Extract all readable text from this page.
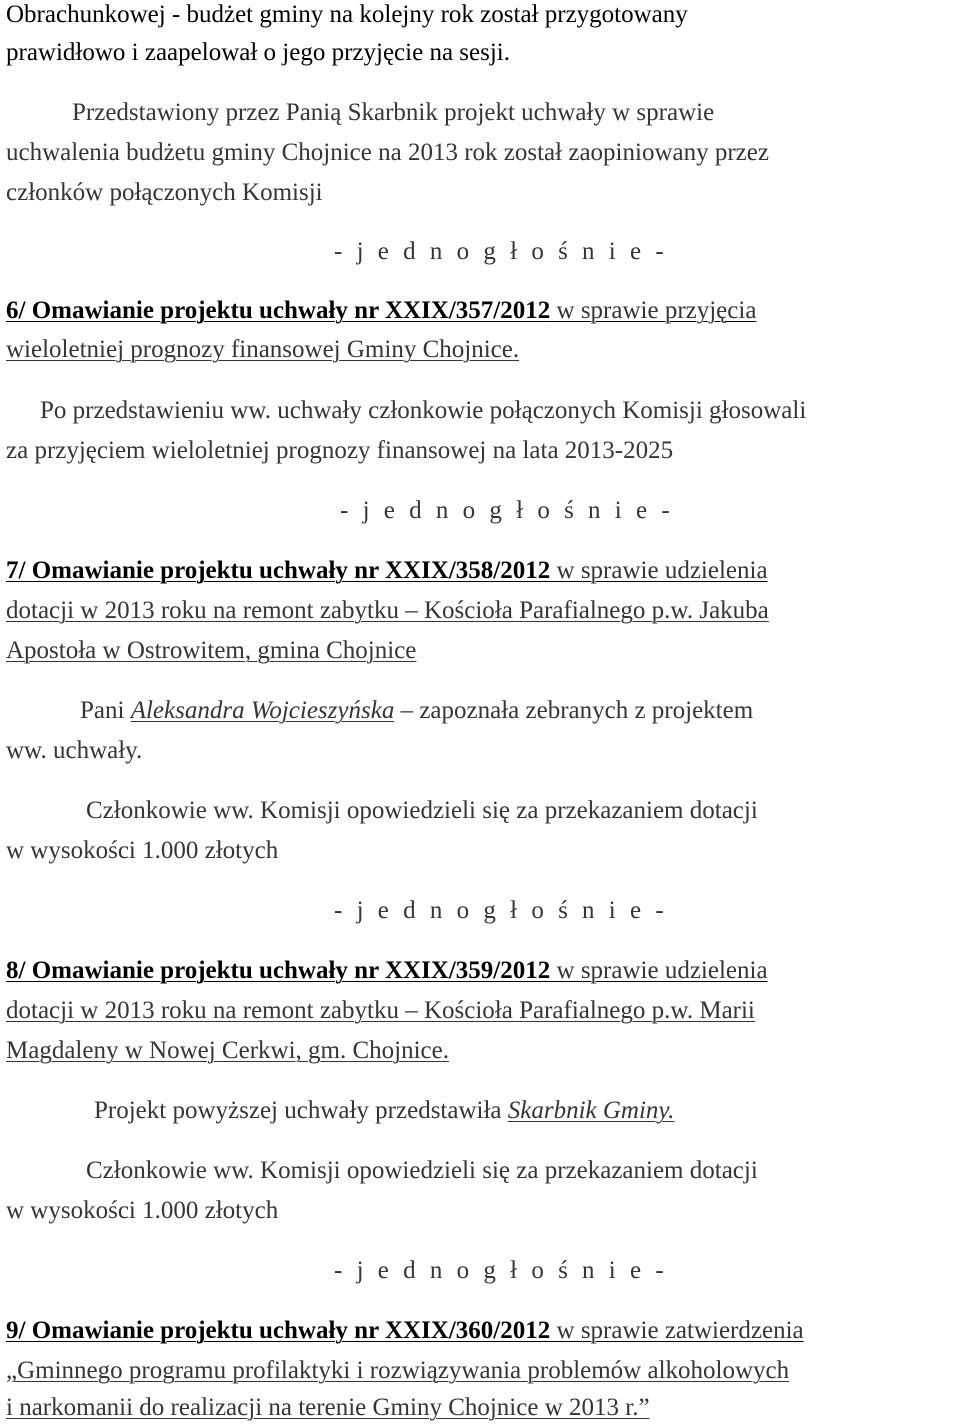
Obrachunkowej - budżet gminy na kolejny rok został przygotowany
prawidłowo i zaapelował o jego przyjęcie na sesji.
Przedstawiony przez Panią Skarbnik projekt uchwały w sprawie
uchwalenia budżetu gminy Chojnice na 2013 rok został zaopiniowany przez
członków połączonych Komisji
- j e d n o g ł o ś n i e -
6/ Omawianie projektu uchwały nr XXIX/357/2012 w sprawie przyjęcia
wieloletniej prognozy finansowej Gminy Chojnice.
Po przedstawieniu ww. uchwały członkowie połączonych Komisji głosowali
za przyjęciem wieloletniej prognozy finansowej na lata 2013-2025
- j e d n o g ł o ś n i e -
7/ Omawianie projektu uchwały nr XXIX/358/2012 w sprawie udzielenia
dotacji w 2013 roku na remont zabytku – Kościoła Parafialnego p.w. Jakuba
Apostoła w Ostrowitem, gmina Chojnice
Pani Aleksandra Wojcieszyńska – zapoznała zebranych z projektem
ww. uchwały.
Członkowie ww. Komisji opowiedzieli się za przekazaniem dotacji
w wysokości 1.000 złotych
- j e d n o g ł o ś n i e -
8/ Omawianie projektu uchwały nr XXIX/359/2012 w sprawie udzielenia
dotacji w 2013 roku na remont zabytku – Kościoła Parafialnego p.w. Marii
Magdaleny w Nowej Cerkwi, gm. Chojnice.
Projekt powyższej uchwały przedstawiła Skarbnik Gminy.
Członkowie ww. Komisji opowiedzieli się za przekazaniem dotacji
w wysokości 1.000 złotych
- j e d n o g ł o ś n i e -
9/ Omawianie projektu uchwały nr XXIX/360/2012 w sprawie zatwierdzenia
„Gminnego programu profilaktyki i rozwiązywania problemów alkoholowych
i narkomanii do realizacji na terenie Gminy Chojnice w 2013 r.”
